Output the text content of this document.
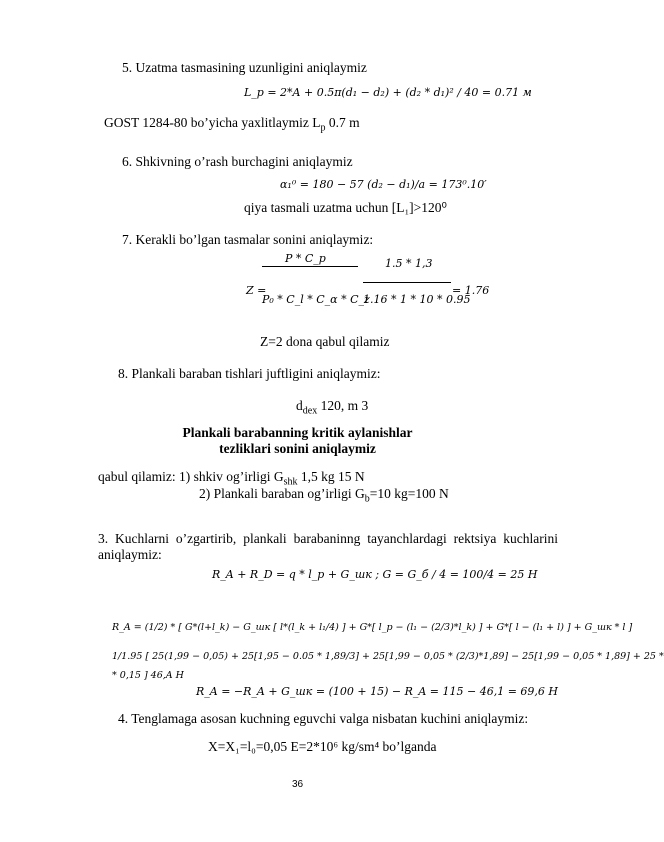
5. Uzatma tasmasining uzunligini aniqlaymiz
L_p = 2*A + 0.5π(d₁ − d₂) + (d₂ * d₁)² / 40 = 0.71 м
GOST 1284-80 bo’yicha yaxlitlaymiz $L_p$ 0.7 m
6. Shkivning o’rash burchagini aniqlaymiz
α₁⁰ = 180 − 57 (d₂ − d₁)/a = 173⁰.10′
qiya tasmali uzatma uchun [L₁]>120⁰
7. Kerakli bo’lgan tasmalar sonini aniqlaymiz:
Z =
P * C_p
P₀ * C_l * C_α * C_z
1.5 * 1,3
1.16 * 1 * 10 * 0.95
= 1.76
Z=2 dona qabul qilamiz
8. Plankali baraban tishlari juftligini aniqlaymiz:
$d_{dex}$ 120, m 3
Plankali barabanning kritik aylanishlar
tezliklari sonini aniqlaymiz
qabul qilamiz: 1) shkiv og’irligi $G_{shk}$ 1,5 kg 15 N
2) Plankali baraban og’irligi $G_b=10$ kg=100 N
3. Kuchlarni o’zgartirib, plankali barabaninng tayanchlardagi rektsiya kuchlarini aniqlaymiz:
R_A + R_D = q * l_p + G_шк ; G = G_б / 4 = 100/4 = 25 H
R_A = (1/2) * [ G*(l+l_k) − G_шк [ l*(l_k + l₁/4) ] + G*[ l_p − (l₁ − (2/3)*l_k) ] + G*[ l − (l₁ + l) ] + G_шк * l ]
1/1.95 [ 25(1,99 − 0,05) + 25[1,95 − 0.05 * 1,89/3] + 25[1,99 − 0,05 * (2/3)*1,89] − 25[1,99 − 0,05 * 1,89] + 25 *
* 0,15 ] 46,A H
R_A = −R_A + G_шк = (100 + 15) − R_A = 115 − 46,1 = 69,6 H
4. Tenglamaga asosan kuchning eguvchi valga nisbatan kuchini aniqlaymiz:
X=X₁=l₀=0,05 E=2*10⁶ kg/sm⁴ bo’lganda
36
